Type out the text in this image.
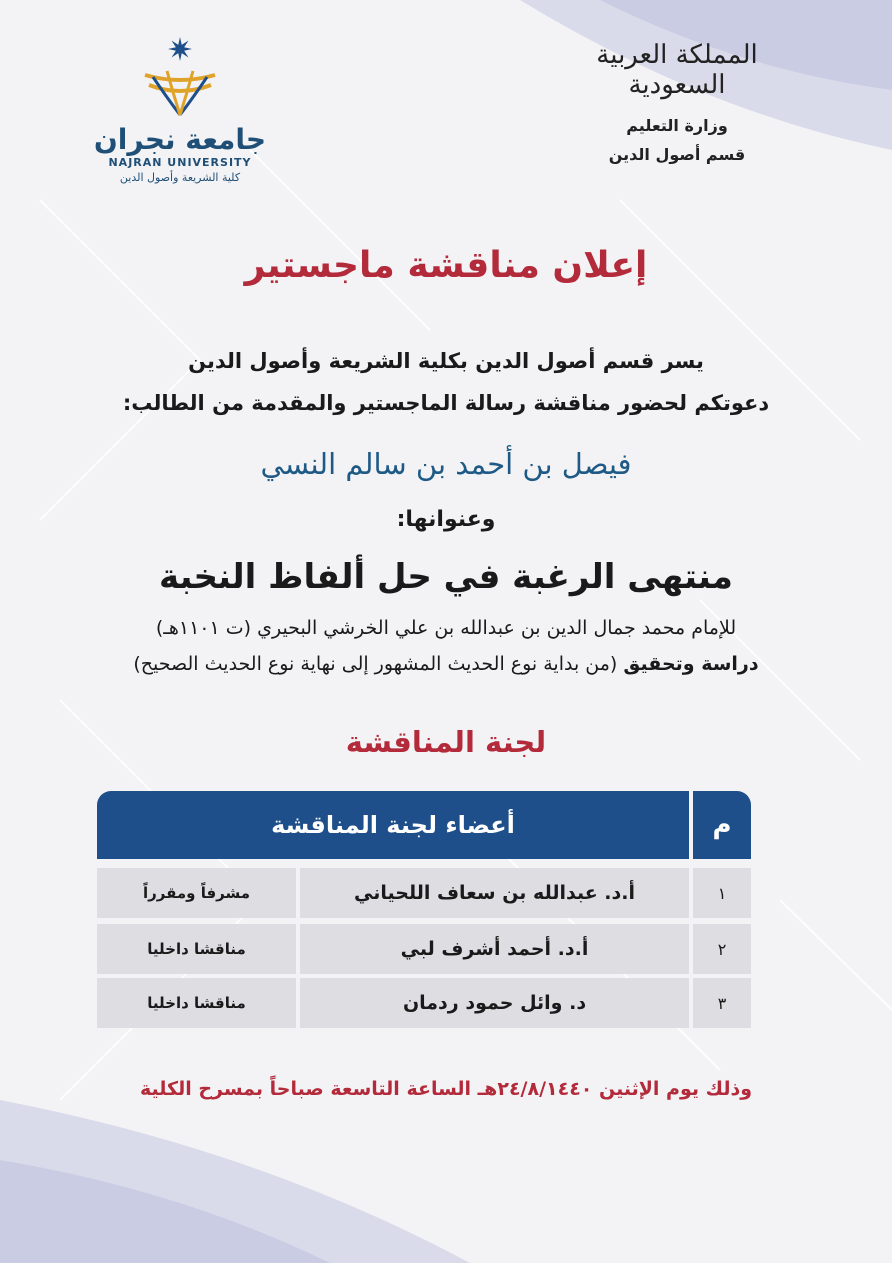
المملكة العربية السعودية
وزارة التعليم
قسم أصول الدين
جامعة نجران
NAJRAN UNIVERSITY
كلية الشريعة وأصول الدين
إعلان مناقشة ماجستير
يسر قسم أصول الدين بكلية الشريعة وأصول الدين
دعوتكم لحضور مناقشة رسالة الماجستير والمقدمة من الطالب:
فيصل بن أحمد بن سالم النسي
وعنوانها:
منتهى الرغبة في حل ألفاظ النخبة
للإمام محمد جمال الدين بن عبدالله بن علي الخرشي البحيري (ت ١١٠١هـ)
دراسة وتحقيق (من بداية نوع الحديث المشهور إلى نهاية نوع الحديث الصحيح)
لجنة المناقشة
م
أعضاء لجنة المناقشة
١
أ.د. عبدالله بن سعاف اللحياني
مشرفاً ومقرراً
٢
أ.د. أحمد أشرف لبي
مناقشا داخليا
٣
د. وائل حمود ردمان
مناقشا داخليا
وذلك يوم الإثنين ٢٤/٨/١٤٤٠هـ الساعة التاسعة صباحاً بمسرح الكلية
